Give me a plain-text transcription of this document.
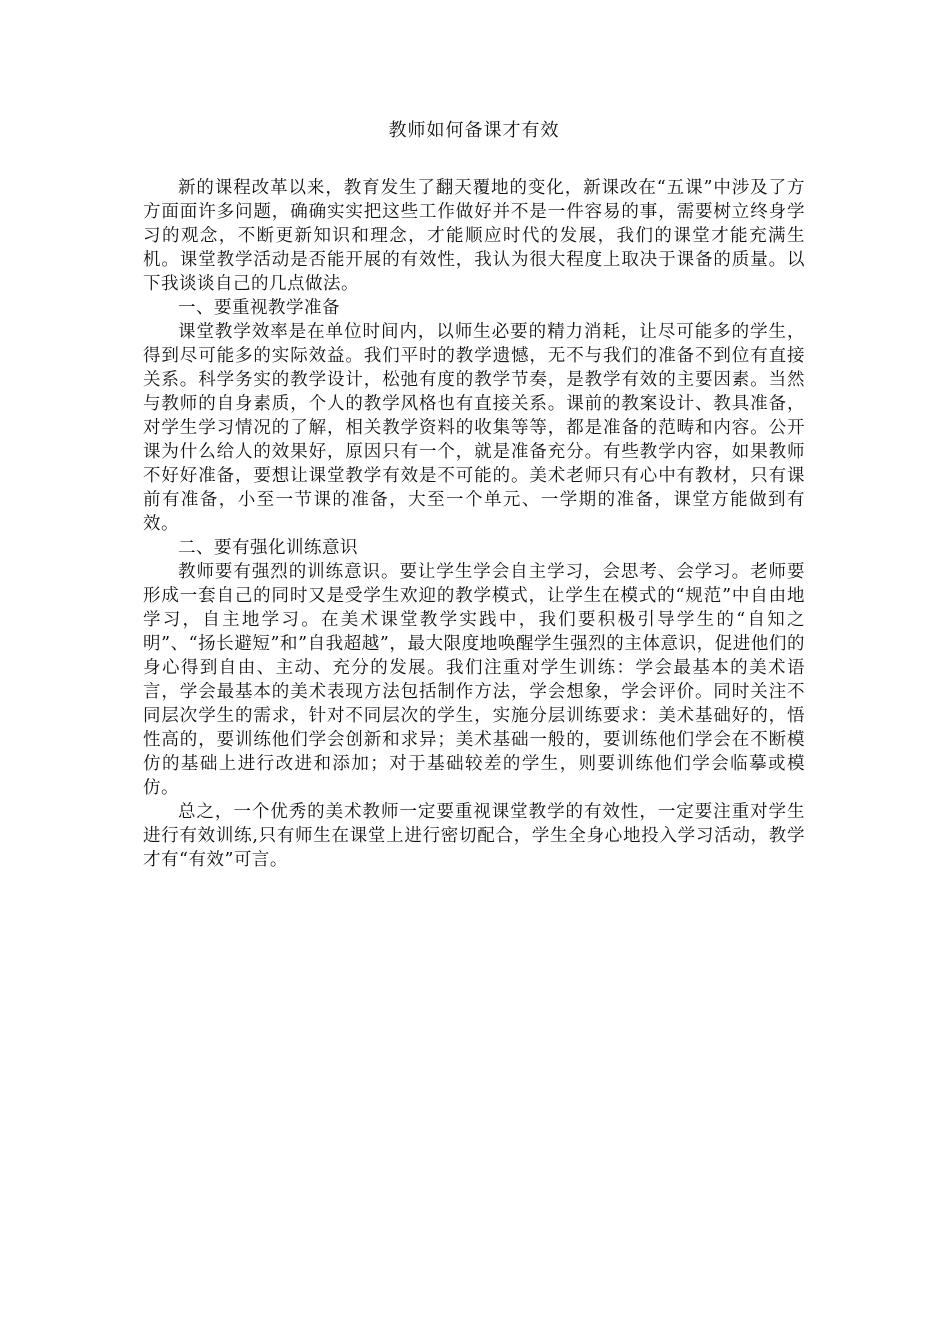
教师如何备课才有效

新的课程改革以来，教育发生了翻天覆地的变化，新课改在“五课”中涉及了方方面面许多问题，确确实实把这些工作做好并不是一件容易的事，需要树立终身学习的观念，不断更新知识和理念，才能顺应时代的发展，我们的课堂才能充满生机。课堂教学活动是否能开展的有效性，我认为很大程度上取决于课备的质量。以下我谈谈自己的几点做法。

一、要重视教学准备

课堂教学效率是在单位时间内，以师生必要的精力消耗，让尽可能多的学生，得到尽可能多的实际效益。我们平时的教学遗憾，无不与我们的准备不到位有直接关系。科学务实的教学设计，松弛有度的教学节奏，是教学有效的主要因素。当然与教师的自身素质，个人的教学风格也有直接关系。课前的教案设计、教具准备，对学生学习情况的了解，相关教学资料的收集等等，都是准备的范畴和内容。公开课为什么给人的效果好，原因只有一个，就是准备充分。有些教学内容，如果教师不好好准备，要想让课堂教学有效是不可能的。美术老师只有心中有教材，只有课前有准备，小至一节课的准备，大至一个单元、一学期的准备，课堂方能做到有效。

二、要有强化训练意识

教师要有强烈的训练意识。要让学生学会自主学习，会思考、会学习。老师要形成一套自己的同时又是受学生欢迎的教学模式，让学生在模式的“规范”中自由地学习，自主地学习。在美术课堂教学实践中，我们要积极引导学生的“自知之明”、“扬长避短”和”自我超越”，最大限度地唤醒学生强烈的主体意识，促进他们的身心得到自由、主动、充分的发展。我们注重对学生训练：学会最基本的美术语言，学会最基本的美术表现方法包括制作方法，学会想象，学会评价。同时关注不同层次学生的需求，针对不同层次的学生，实施分层训练要求：美术基础好的，悟性高的，要训练他们学会创新和求异；美术基础一般的，要训练他们学会在不断模仿的基础上进行改进和添加；对于基础较差的学生，则要训练他们学会临摹或模仿。

总之，一个优秀的美术教师一定要重视课堂教学的有效性，一定要注重对学生进行有效训练,只有师生在课堂上进行密切配合，学生全身心地投入学习活动，教学才有“有效”可言。
